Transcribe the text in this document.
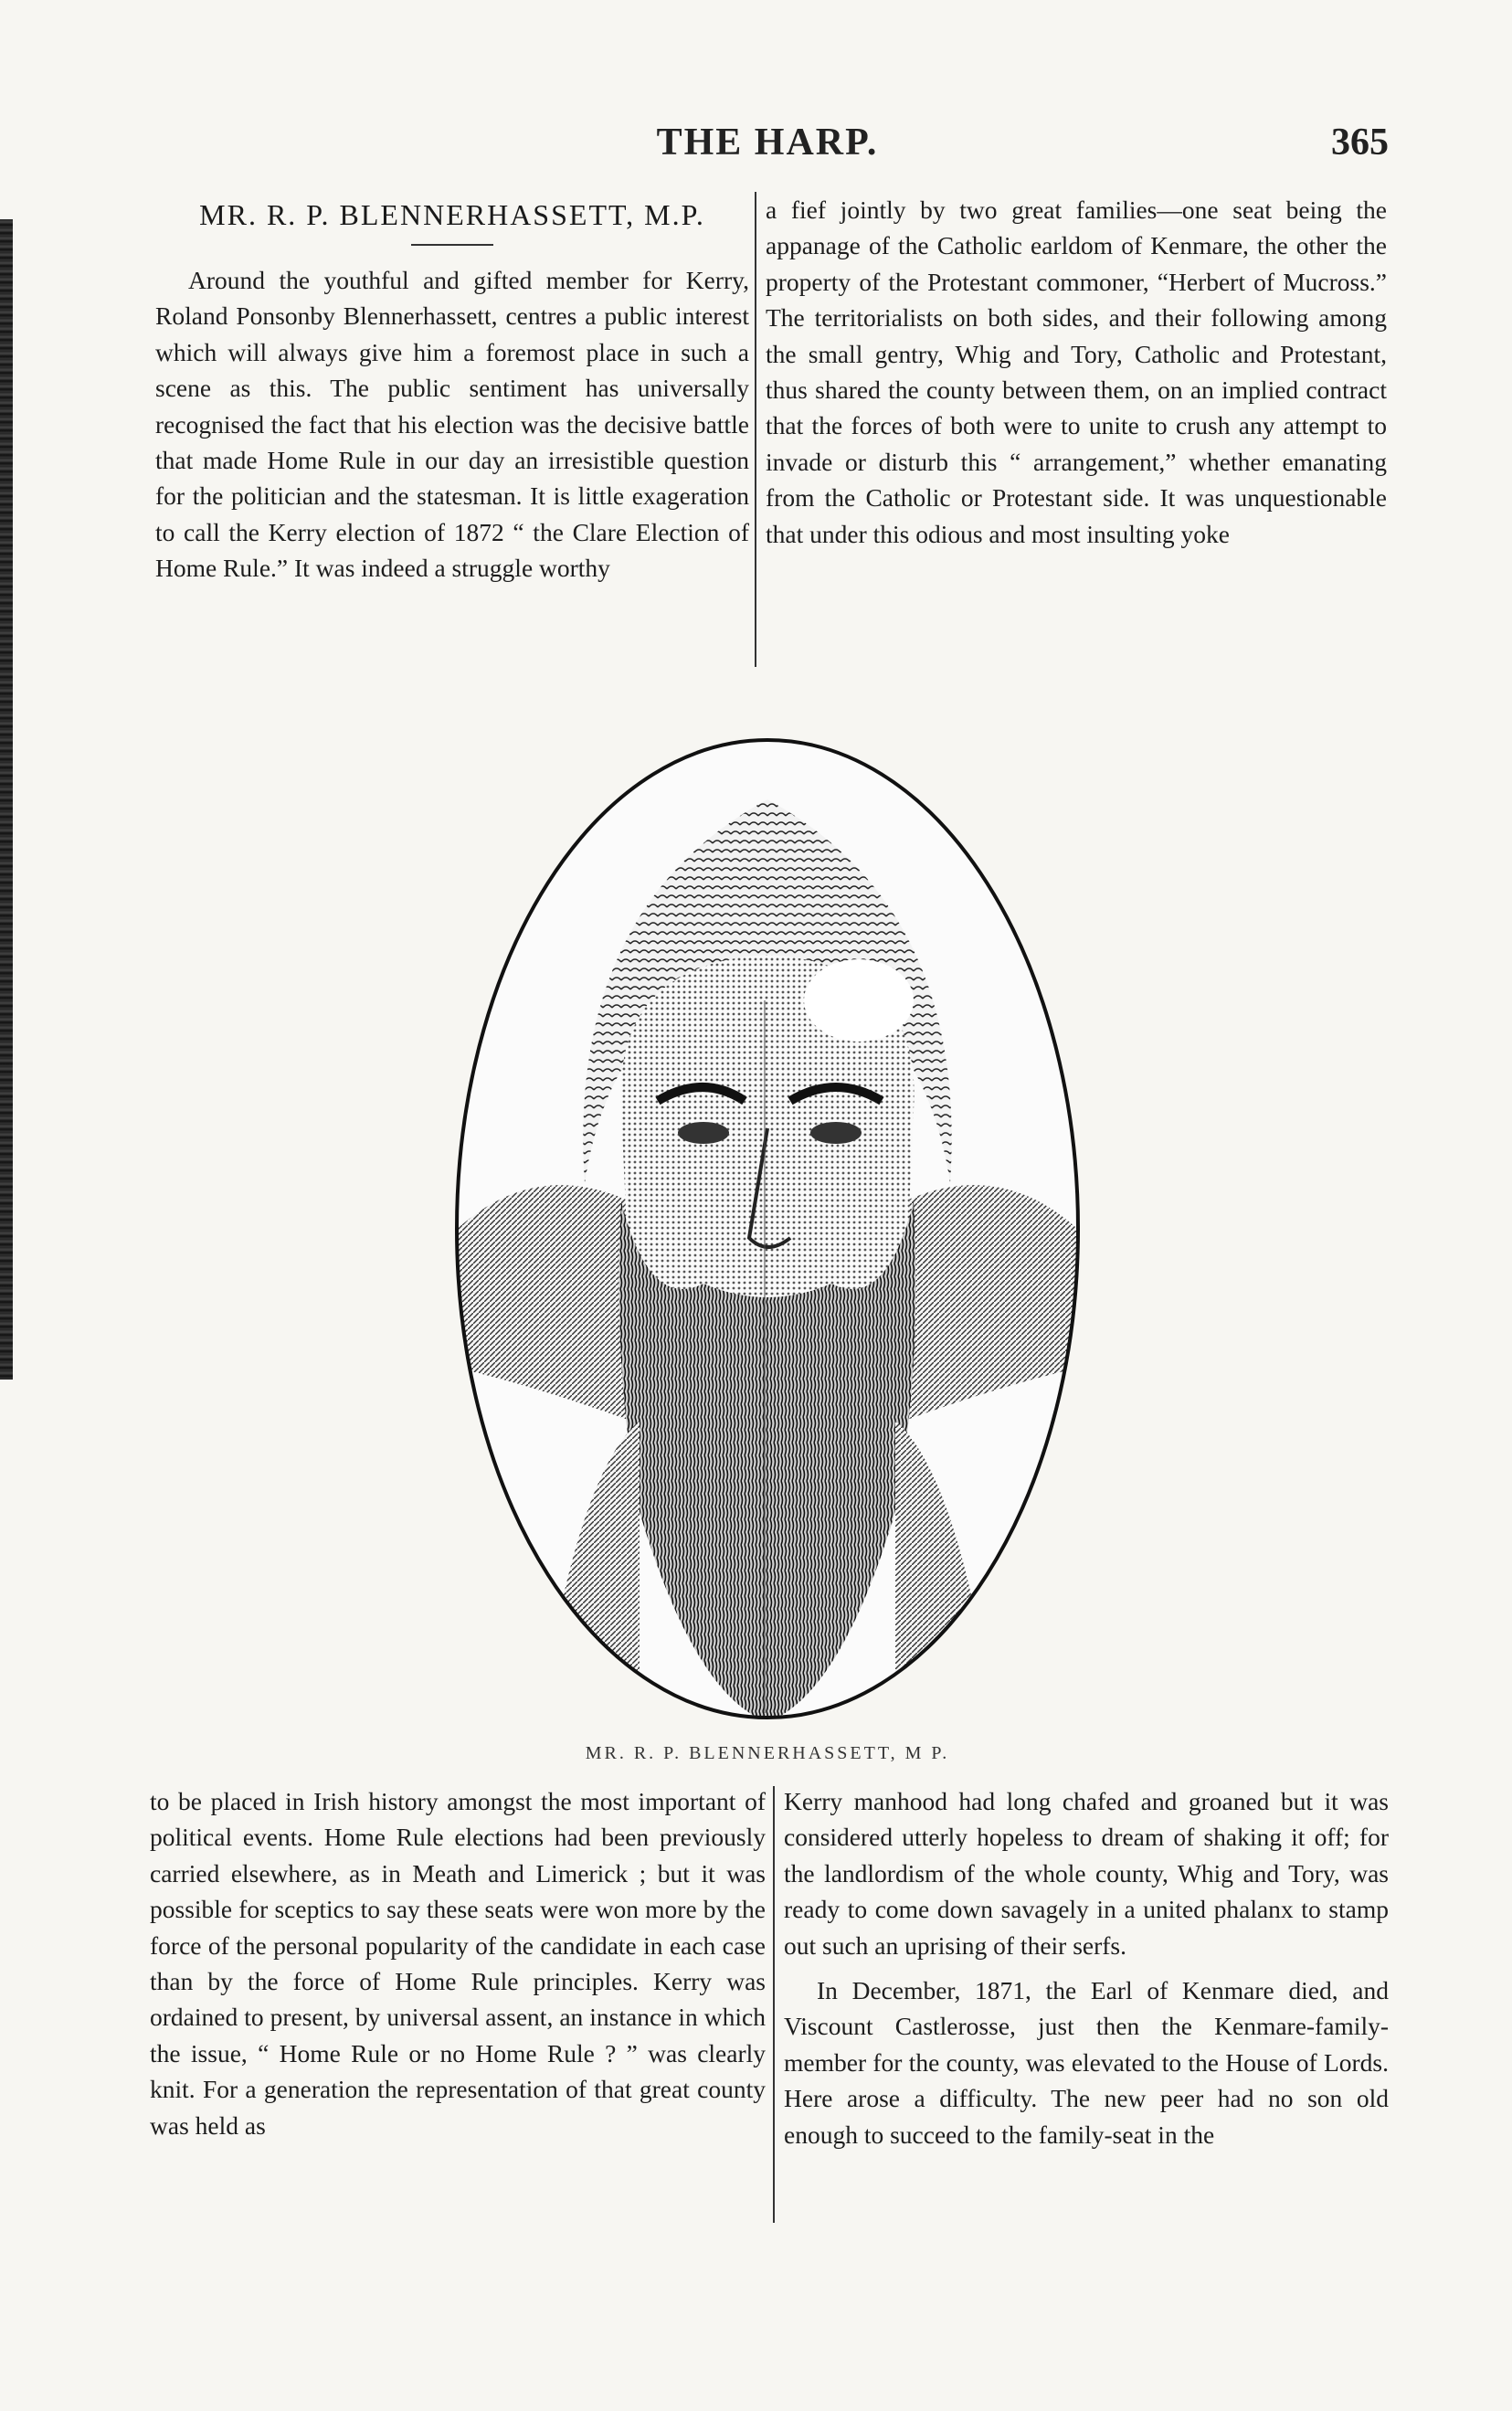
THE HARP.	365
MR. R. P. BLENNERHASSETT, M.P.

Around the youthful and gifted member for Kerry, Roland Ponsonby Blennerhassett, centres a public interest which will always give him a foremost place in such a scene as this. The public sentiment has universally recognised the fact that his election was the decisive battle that made Home Rule in our day an irresistible question for the politician and the statesman. It is little exageration to call the Kerry election of 1872 “ the Clare Election of Home Rule.” It was indeed a struggle worthy

a fief jointly by two great families—one seat being the appanage of the Catholic earldom of Kenmare, the other the property of the Protestant commoner, “Herbert of Mucross.” The territorialists on both sides, and their following among the small gentry, Whig and Tory, Catholic and Protestant, thus shared the county between them, on an implied contract that the forces of both were to unite to crush any attempt to invade or disturb this “ arrangement,” whether emanating from the Catholic or Protestant side. It was unquestionable that under this odious and most insulting yoke

MR. R. P. BLENNERHASSETT, M P.

to be placed in Irish history amongst the most important of political events. Home Rule elections had been previously carried elsewhere, as in Meath and Limerick ; but it was possible for sceptics to say these seats were won more by the force of the personal popularity of the candidate in each case than by the force of Home Rule principles. Kerry was ordained to present, by universal assent, an instance in which the issue, “ Home Rule or no Home Rule ? ” was clearly knit. For a generation the representation of that great county was held as

Kerry manhood had long chafed and groaned but it was considered utterly hopeless to dream of shaking it off; for the landlordism of the whole county, Whig and Tory, was ready to come down savagely in a united phalanx to stamp out such an uprising of their serfs.

In December, 1871, the Earl of Kenmare died, and Viscount Castlerosse, just then the Kenmare-family-member for the county, was elevated to the House of Lords. Here arose a difficulty. The new peer had no son old enough to succeed to the family-seat in the
